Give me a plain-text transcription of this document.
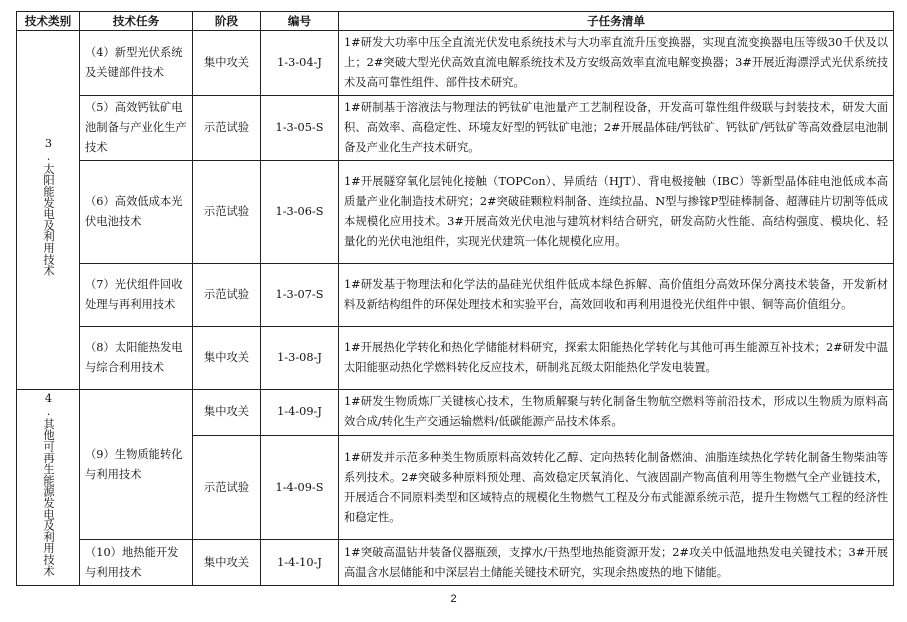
技术类别	技术任务	阶段	编号	子任务清单
3.太阳能发电及利用技术	（4）新型光伏系统及关键部件技术	集中攻关	1-3-04-J	1#研发大功率中压全直流光伏发电系统技术与大功率直流升压变换器，实现直流变换器电压等级30千伏及以上；2#突破大型光伏高效直流电解系统技术及方安级高效率直流电解变换器；3#开展近海漂浮式光伏系统技术及高可靠性组件、部件技术研究。
	（5）高效钙钛矿电池制备与产业化生产技术	示范试验	1-3-05-S	1#研制基于溶液法与物理法的钙钛矿电池量产工艺制程设备，开发高可靠性组件级联与封装技术，研发大面积、高效率、高稳定性、环境友好型的钙钛矿电池；2#开展晶体硅/钙钛矿、钙钛矿/钙钛矿等高效叠层电池制备及产业化生产技术研究。
	（6）高效低成本光伏电池技术	示范试验	1-3-06-S	1#开展隧穿氧化层钝化接触（TOPCon）、异质结（HJT）、背电极接触（IBC）等新型晶体硅电池低成本高质量产业化制造技术研究；2#突破硅颗粒料制备、连续拉晶、N型与掺镓P型硅棒制备、超薄硅片切割等低成本规模化应用技术。3#开展高效光伏电池与建筑材料结合研究，研发高防火性能、高结构强度、模块化、轻量化的光伏电池组件，实现光伏建筑一体化规模化应用。
	（7）光伏组件回收处理与再利用技术	示范试验	1-3-07-S	1#研发基于物理法和化学法的晶硅光伏组件低成本绿色拆解、高价值组分高效环保分离技术装备，开发新材料及新结构组件的环保处理技术和实验平台，高效回收和再利用退役光伏组件中银、铜等高价值组分。
	（8）太阳能热发电与综合利用技术	集中攻关	1-3-08-J	1#开展热化学转化和热化学储能材料研究，探索太阳能热化学转化与其他可再生能源互补技术；2#研发中温太阳能驱动热化学燃料转化反应技术，研制兆瓦级太阳能热化学发电装置。
4.其他可再生能源发电及利用技术	（9）生物质能转化与利用技术	集中攻关	1-4-09-J	1#研发生物质炼厂关键核心技术，生物质解聚与转化制备生物航空燃料等前沿技术，形成以生物质为原料高效合成/转化生产交通运输燃料/低碳能源产品技术体系。
		示范试验	1-4-09-S	1#研发并示范多种类生物质原料高效转化乙醇、定向热转化制备燃油、油脂连续热化学转化制备生物柴油等系列技术。2#突破多种原料预处理、高效稳定厌氧消化、气液固副产物高值利用等生物燃气全产业链技术，开展适合不同原料类型和区域特点的规模化生物燃气工程及分布式能源系统示范，提升生物燃气工程的经济性和稳定性。
	（10）地热能开发与利用技术	集中攻关	1-4-10-J	1#突破高温钻井装备仪器瓶颈，支撑水/干热型地热能资源开发；2#攻关中低温地热发电关键技术；3#开展高温含水层储能和中深层岩土储能关键技术研究，实现余热废热的地下储能。
2
